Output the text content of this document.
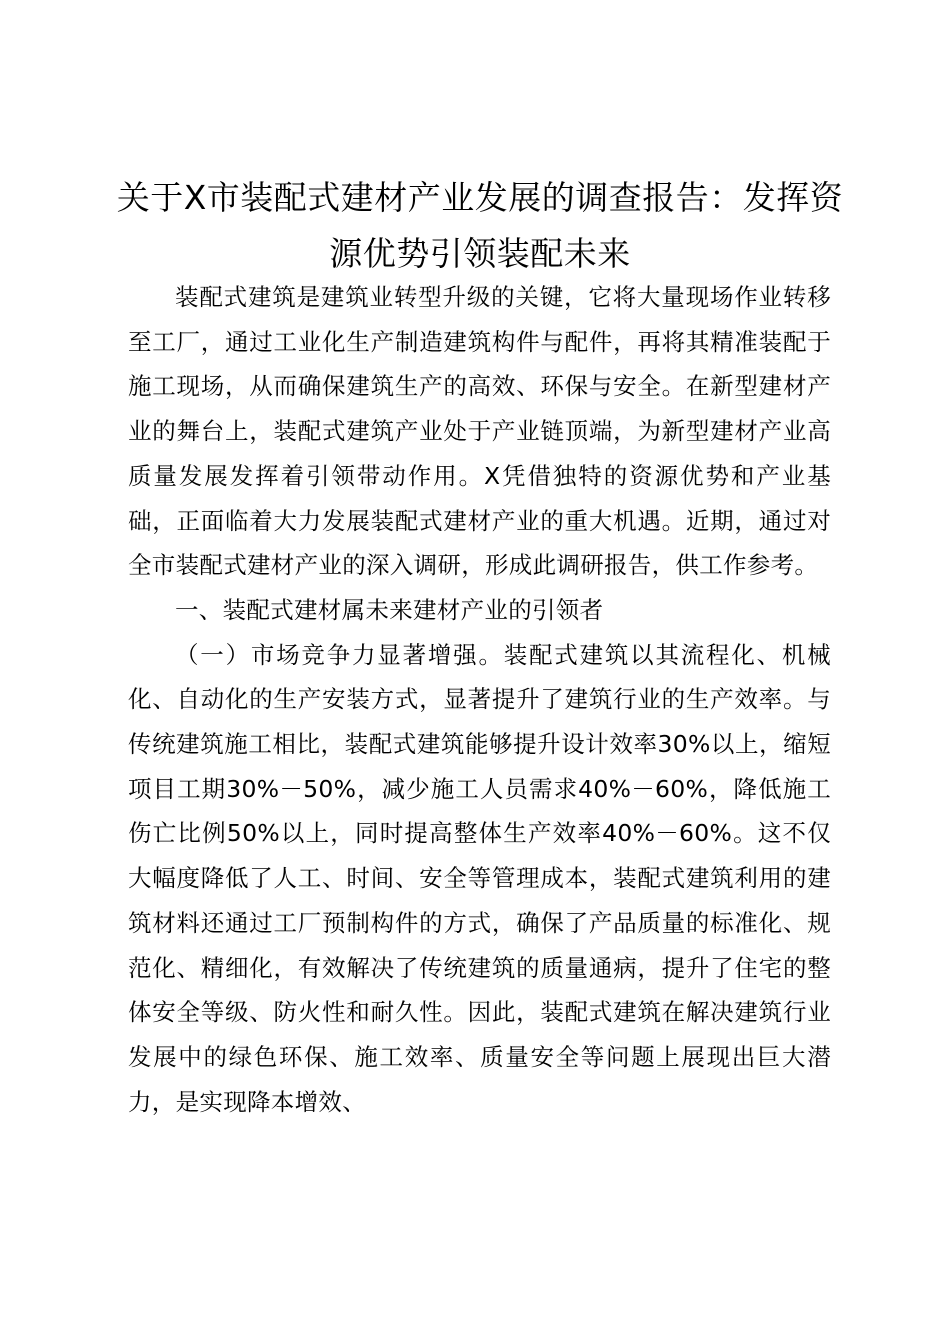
关于X市装配式建材产业发展的调查报告：发挥资源优势引领装配未来

装配式建筑是建筑业转型升级的关键，它将大量现场作业转移至工厂，通过工业化生产制造建筑构件与配件，再将其精准装配于施工现场，从而确保建筑生产的高效、环保与安全。在新型建材产业的舞台上，装配式建筑产业处于产业链顶端，为新型建材产业高质量发展发挥着引领带动作用。X凭借独特的资源优势和产业基础，正面临着大力发展装配式建材产业的重大机遇。近期，通过对全市装配式建材产业的深入调研，形成此调研报告，供工作参考。

一、装配式建材属未来建材产业的引领者

（一）市场竞争力显著增强。装配式建筑以其流程化、机械化、自动化的生产安装方式，显著提升了建筑行业的生产效率。与传统建筑施工相比，装配式建筑能够提升设计效率30%以上，缩短项目工期30%－50%，减少施工人员需求40%－60%，降低施工伤亡比例50%以上，同时提高整体生产效率40%－60%。这不仅大幅度降低了人工、时间、安全等管理成本，装配式建筑利用的建筑材料还通过工厂预制构件的方式，确保了产品质量的标准化、规范化、精细化，有效解决了传统建筑的质量通病，提升了住宅的整体安全等级、防火性和耐久性。因此，装配式建筑在解决建筑行业发展中的绿色环保、施工效率、质量安全等问题上展现出巨大潜力，是实现降本增效、
